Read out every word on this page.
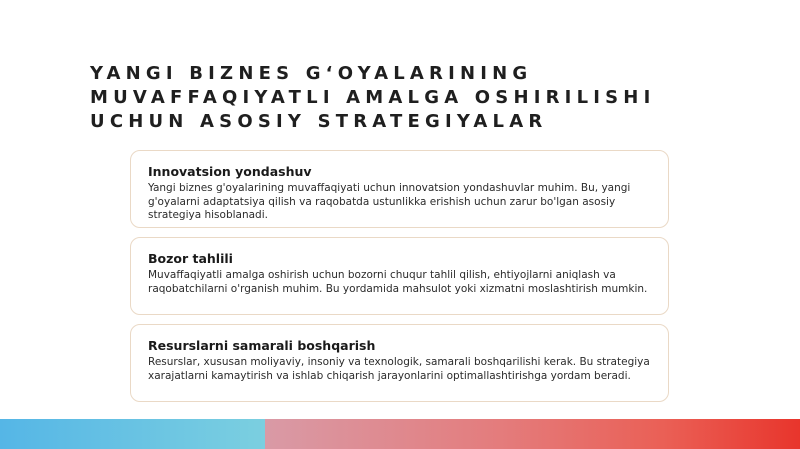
YANGI BIZNES G‘OYALARINING
MUVAFFAQIYATLI AMALGA OSHIRILISHI
UCHUN ASOSIY STRATEGIYALAR
Innovatsion yondashuv
Yangi biznes g'oyalarining muvaffaqiyati uchun innovatsion yondashuvlar muhim. Bu, yangi g'oyalarni adaptatsiya qilish va raqobatda ustunlikka erishish uchun zarur bo'lgan asosiy strategiya hisoblanadi.
Bozor tahlili
Muvaffaqiyatli amalga oshirish uchun bozorni chuqur tahlil qilish, ehtiyojlarni aniqlash va raqobatchilarni o'rganish muhim. Bu yordamida mahsulot yoki xizmatni moslashtirish mumkin.
Resurslarni samarali boshqarish
Resurslar, xususan moliyaviy, insoniy va texnologik, samarali boshqarilishi kerak. Bu strategiya xarajatlarni kamaytirish va ishlab chiqarish jarayonlarini optimallashtirishga yordam beradi.
